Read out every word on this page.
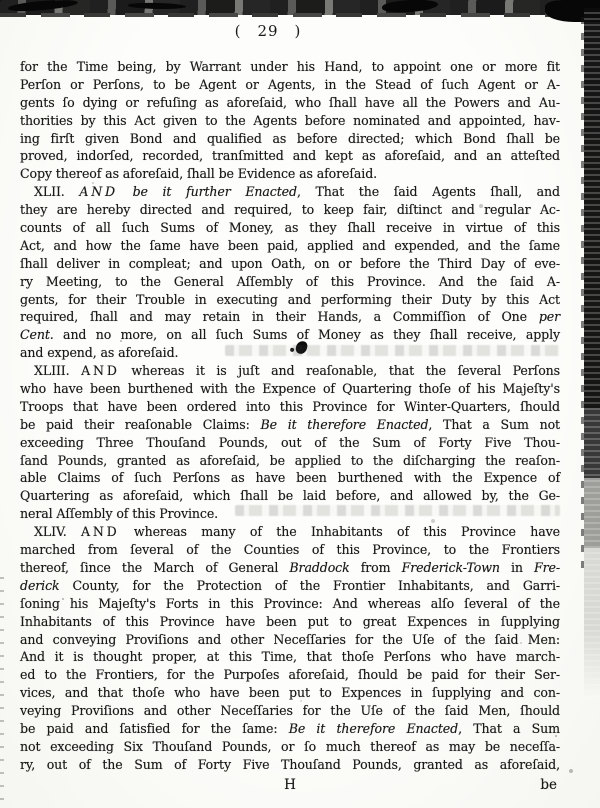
( 29 )
for the Time being, by Warrant under his Hand, to appoint one or more fit
Perſon or Perſons, to be Agent or Agents, in the Stead of ſuch Agent or A-
gents ſo dying or refuſing as aforeſaid, who ſhall have all the Powers and Au-
thorities by this Act given to the Agents before nominated and appointed, hav-
ing firſt given Bond and qualified as before directed; which Bond ſhall be
proved, indorſed, recorded, tranſmitted and kept as aforeſaid, and an atteſted
Copy thereof as aforeſaid, ſhall be Evidence as aforeſaid.
XLII. AND be it further Enacted, That the ſaid Agents ſhall, and
they are hereby directed and required, to keep fair, diſtinct and regular Ac-
counts of all ſuch Sums of Money, as they ſhall receive in virtue of this
Act, and how the ſame have been paid, applied and expended, and the ſame
ſhall deliver in compleat; and upon Oath, on or before the Third Day of eve-
ry Meeting, to the General Aſſembly of this Province. And the ſaid A-
gents, for their Trouble in executing and performing their Duty by this Act
required, ſhall and may retain in their Hands, a Commiſſion of One per
Cent. and no more, on all ſuch Sums of Money as they ſhall receive, apply
and expend, as aforeſaid.
XLIII. AND whereas it is juſt and reaſonable, that the ſeveral Perſons
who have been burthened with the Expence of Quartering thoſe of his Majeſty's
Troops that have been ordered into this Province for Winter-Quarters, ſhould
be paid their reaſonable Claims: Be it therefore Enacted, That a Sum not
exceeding Three Thouſand Pounds, out of the Sum of Forty Five Thou-
ſand Pounds, granted as aforeſaid, be applied to the diſcharging the reaſon-
able Claims of ſuch Perſons as have been burthened with the Expence of
Quartering as aforeſaid, which ſhall be laid before, and allowed by, the Ge-
neral Aſſembly of this Province.
XLIV. AND whereas many of the Inhabitants of this Province have
marched from ſeveral of the Counties of this Province, to the Frontiers
thereof, ſince the March of General Braddock from Frederick-Town in Fre-
derick County, for the Protection of the Frontier Inhabitants, and Garri-
ſoning his Majeſty's Forts in this Province: And whereas alſo ſeveral of the
Inhabitants of this Province have been put to great Expences in ſupplying
and conveying Proviſions and other Neceſſaries for the Uſe of the ſaid Men:
And it is thought proper, at this Time, that thoſe Perſons who have march-
ed to the Frontiers, for the Purpoſes aforeſaid, ſhould be paid for their Ser-
vices, and that thoſe who have been put to Expences in ſupplying and con-
veying Proviſions and other Neceſſaries for the Uſe of the ſaid Men, ſhould
be paid and ſatisfied for the ſame: Be it therefore Enacted, That a Sum
not exceeding Six Thouſand Pounds, or ſo much thereof as may be neceſſa-
ry, out of the Sum of Forty Five Thouſand Pounds, granted as aforeſaid,
H	be
